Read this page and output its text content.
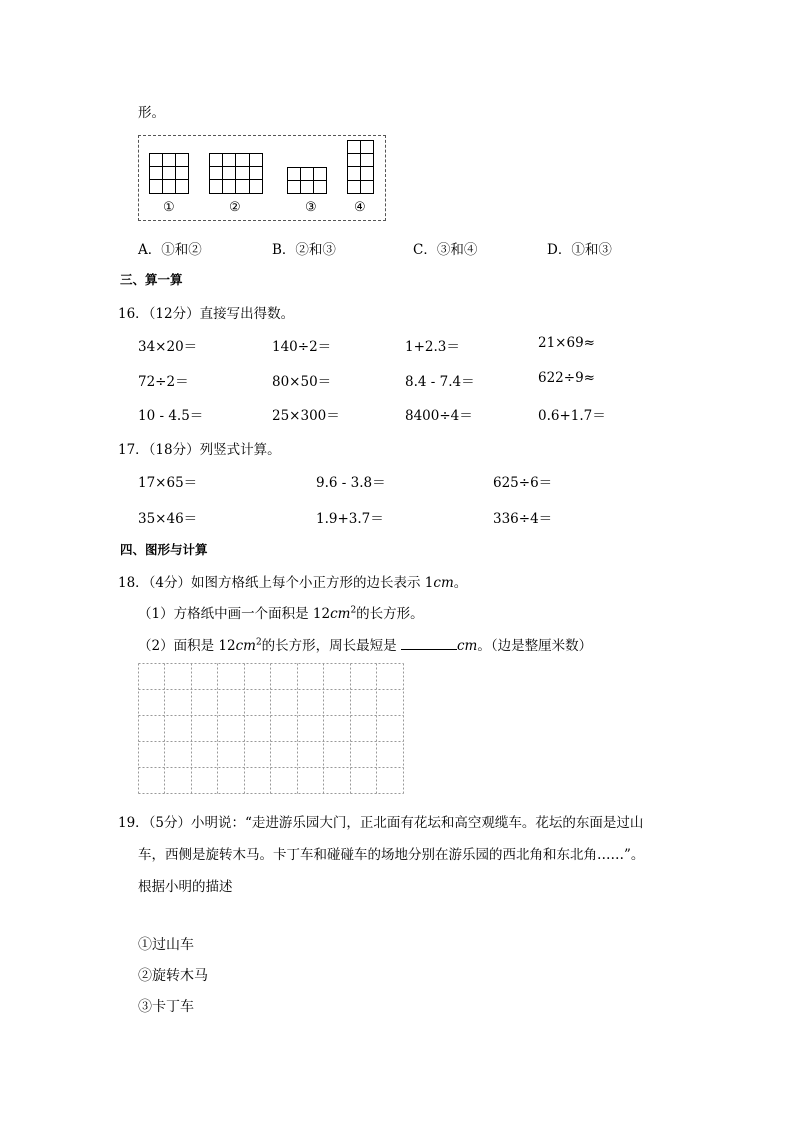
形。
①	②	③	④
A．①和②	B．②和③	C．③和④	D．①和③
三、算一算
16．（12分）直接写出得数。
34×20＝	140÷2＝	1+2.3＝	21×69≈
72÷2＝	80×50＝	8.4 - 7.4＝	622÷9≈
10 - 4.5＝	25×300＝	8400÷4＝	0.6+1.7＝
17．（18分）列竖式计算。
17×65＝	9.6 - 3.8＝	625÷6＝
35×46＝	1.9+3.7＝	336÷4＝
四、图形与计算
18．（4分）如图方格纸上每个小正方形的边长表示 1cm。
（1）方格纸中画一个面积是 $12cm^2$的长方形。
（2）面积是 $12cm^2$的长方形，周长最短是	cm。（边是整厘米数）
19．（5分）小明说：“走进游乐园大门，正北面有花坛和高空观缆车。花坛的东面是过山
车，西侧是旋转木马。卡丁车和碰碰车的场地分别在游乐园的西北角和东北角……”。
根据小明的描述
①过山车
②旋转木马
③卡丁车
